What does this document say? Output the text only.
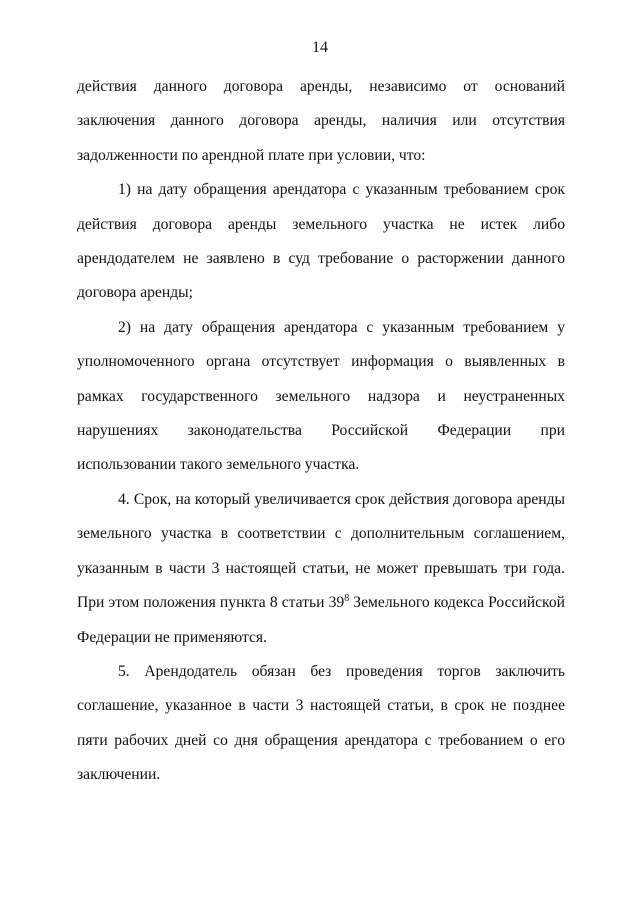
14

действия данного договора аренды, независимо от оснований заключения данного договора аренды, наличия или отсутствия задолженности по арендной плате при условии, что:

1) на дату обращения арендатора с указанным требованием срок действия договора аренды земельного участка не истек либо арендодателем не заявлено в суд требование о расторжении данного договора аренды;

2) на дату обращения арендатора с указанным требованием у уполномоченного органа отсутствует информация о выявленных в рамках государственного земельного надзора и неустраненных нарушениях законодательства Российской Федерации при использовании такого земельного участка.

4. Срок, на который увеличивается срок действия договора аренды земельного участка в соответствии с дополнительным соглашением, указанным в части 3 настоящей статьи, не может превышать три года. При этом положения пункта 8 статьи $39^8$ Земельного кодекса Российской Федерации не применяются.

5. Арендодатель обязан без проведения торгов заключить соглашение, указанное в части 3 настоящей статьи, в срок не позднее пяти рабочих дней со дня обращения арендатора с требованием о его заключении.
